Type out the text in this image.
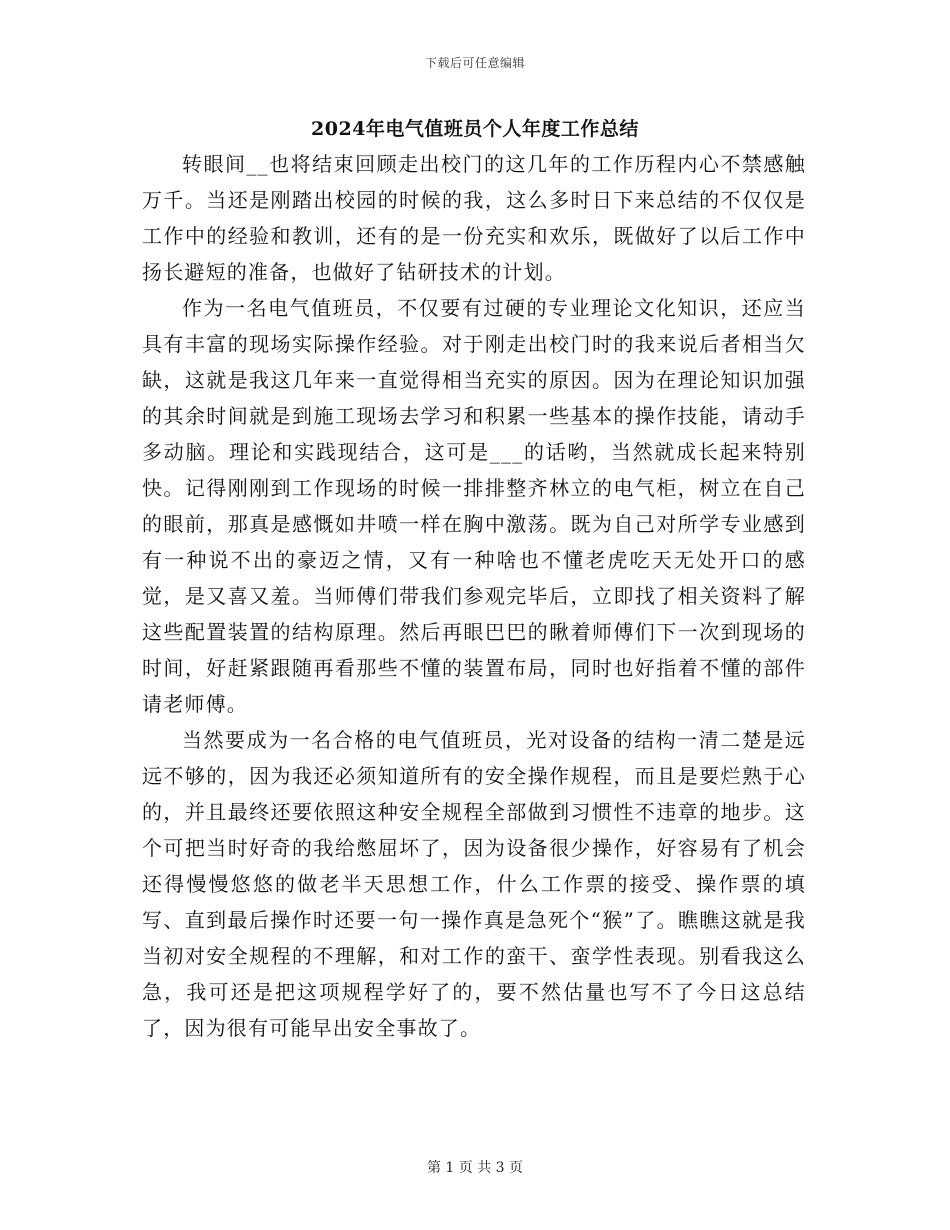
下载后可任意编辑
2024年电气值班员个人年度工作总结

转眼间__也将结束回顾走出校门的这几年的工作历程内心不禁感触万千。当还是刚踏出校园的时候的我，这么多时日下来总结的不仅仅是工作中的经验和教训，还有的是一份充实和欢乐，既做好了以后工作中扬长避短的准备，也做好了钻研技术的计划。

作为一名电气值班员，不仅要有过硬的专业理论文化知识，还应当具有丰富的现场实际操作经验。对于刚走出校门时的我来说后者相当欠缺，这就是我这几年来一直觉得相当充实的原因。因为在理论知识加强的其余时间就是到施工现场去学习和积累一些基本的操作技能，请动手多动脑。理论和实践现结合，这可是___的话哟，当然就成长起来特别快。记得刚刚到工作现场的时候一排排整齐林立的电气柜，树立在自己的眼前，那真是感慨如井喷一样在胸中激荡。既为自己对所学专业感到有一种说不出的豪迈之情，又有一种啥也不懂老虎吃天无处开口的感觉，是又喜又羞。当师傅们带我们参观完毕后，立即找了相关资料了解这些配置装置的结构原理。然后再眼巴巴的瞅着师傅们下一次到现场的时间，好赶紧跟随再看那些不懂的装置布局，同时也好指着不懂的部件请老师傅。

当然要成为一名合格的电气值班员，光对设备的结构一清二楚是远远不够的，因为我还必须知道所有的安全操作规程，而且是要烂熟于心的，并且最终还要依照这种安全规程全部做到习惯性不违章的地步。这个可把当时好奇的我给憋屈坏了，因为设备很少操作，好容易有了机会还得慢慢悠悠的做老半天思想工作，什么工作票的接受、操作票的填写、直到最后操作时还要一句一操作真是急死个“猴”了。瞧瞧这就是我当初对安全规程的不理解，和对工作的蛮干、蛮学性表现。别看我这么急，我可还是把这项规程学好了的，要不然估量也写不了今日这总结了，因为很有可能早出安全事故了。

第 1 页 共 3 页
